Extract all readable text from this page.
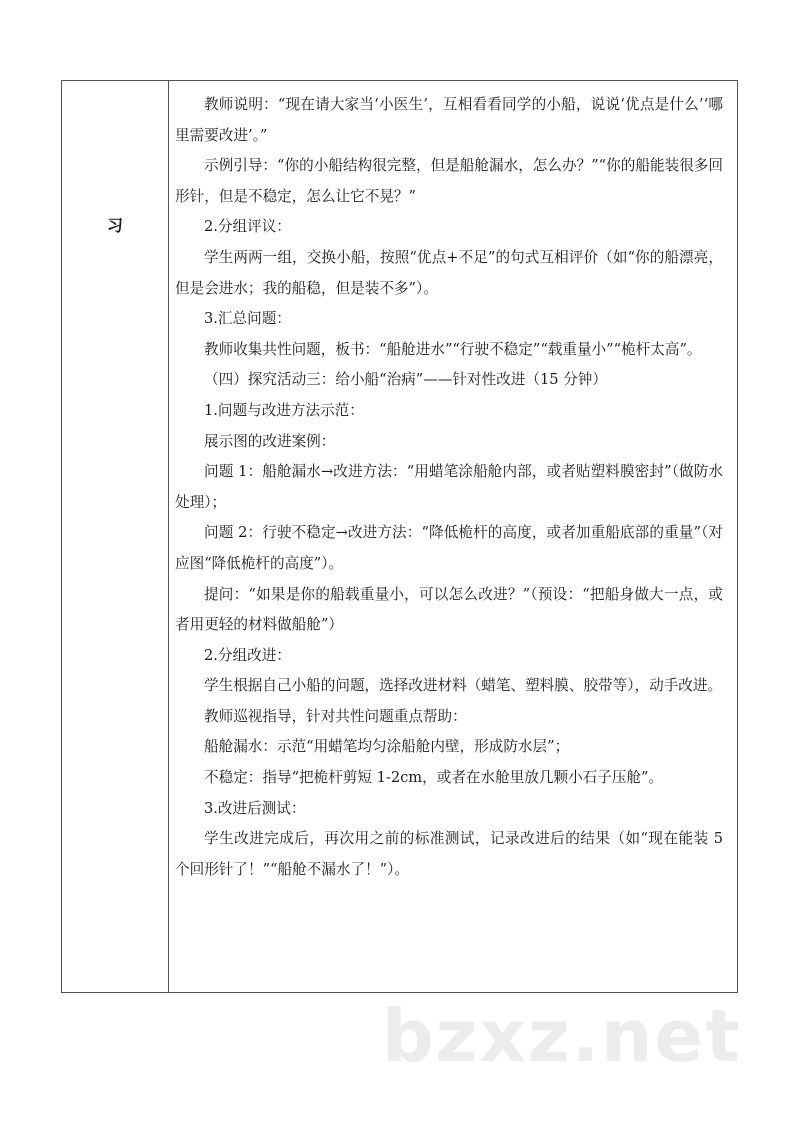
习

教师说明：“现在请大家当‘小医生’，互相看看同学的小船，说说‘优点是什么’‘哪里需要改进’。”

示例引导：“你的小船结构很完整，但是船舱漏水，怎么办？”“你的船能装很多回形针，但是不稳定，怎么让它不晃？”

2.分组评议：

学生两两一组，交换小船，按照“优点+不足”的句式互相评价（如“你的船漂亮，但是会进水；我的船稳，但是装不多”）。

3.汇总问题：

教师收集共性问题，板书：“船舱进水”“行驶不稳定”“载重量小”“桅杆太高”。

（四）探究活动三：给小船“治病”——针对性改进（15 分钟）

1.问题与改进方法示范：

展示图的改进案例：

问题 1：船舱漏水→改进方法：“用蜡笔涂船舱内部，或者贴塑料膜密封”（做防水处理）；

问题 2：行驶不稳定→改进方法：“降低桅杆的高度，或者加重船底部的重量”（对应图“降低桅杆的高度”）。

提问：“如果是你的船载重量小，可以怎么改进？”（预设：“把船身做大一点，或者用更轻的材料做船舱”）

2.分组改进：

学生根据自己小船的问题，选择改进材料（蜡笔、塑料膜、胶带等），动手改进。

教师巡视指导，针对共性问题重点帮助：

船舱漏水：示范“用蜡笔均匀涂船舱内壁，形成防水层”；

不稳定：指导“把桅杆剪短 1-2cm，或者在水舱里放几颗小石子压舱”。

3.改进后测试：

学生改进完成后，再次用之前的标准测试，记录改进后的结果（如“现在能装 5 个回形针了！”“船舱不漏水了！”）。

bzxz.net
